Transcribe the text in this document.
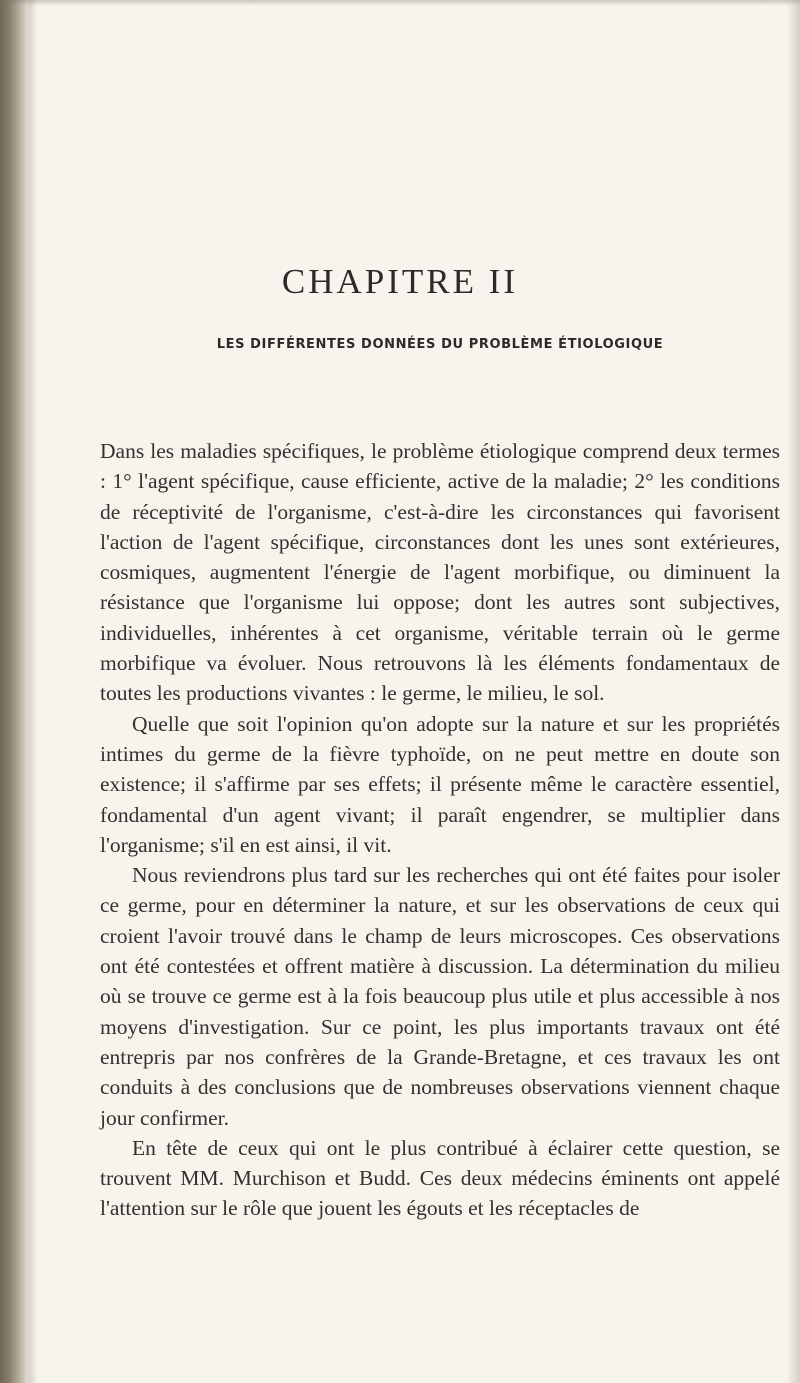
CHAPITRE II
LES DIFFÉRENTES DONNÉES DU PROBLÈME ÉTIOLOGIQUE

Dans les maladies spécifiques, le problème étiologique comprend deux termes : 1° l'agent spécifique, cause efficiente, active de la maladie; 2° les conditions de réceptivité de l'organisme, c'est-à-dire les circonstances qui favorisent l'action de l'agent spécifique, circonstances dont les unes sont extérieures, cosmiques, augmentent l'énergie de l'agent morbifique, ou diminuent la résistance que l'organisme lui oppose; dont les autres sont subjectives, individuelles, inhérentes à cet organisme, véritable terrain où le germe morbifique va évoluer. Nous retrouvons là les éléments fondamentaux de toutes les productions vivantes : le germe, le milieu, le sol.

Quelle que soit l'opinion qu'on adopte sur la nature et sur les propriétés intimes du germe de la fièvre typhoïde, on ne peut mettre en doute son existence; il s'affirme par ses effets; il présente même le caractère essentiel, fondamental d'un agent vivant; il paraît engendrer, se multiplier dans l'organisme; s'il en est ainsi, il vit.

Nous reviendrons plus tard sur les recherches qui ont été faites pour isoler ce germe, pour en déterminer la nature, et sur les observations de ceux qui croient l'avoir trouvé dans le champ de leurs microscopes. Ces observations ont été contestées et offrent matière à discussion. La détermination du milieu où se trouve ce germe est à la fois beaucoup plus utile et plus accessible à nos moyens d'investigation. Sur ce point, les plus importants travaux ont été entrepris par nos confrères de la Grande-Bretagne, et ces travaux les ont conduits à des conclusions que de nombreuses observations viennent chaque jour confirmer.

En tête de ceux qui ont le plus contribué à éclairer cette question, se trouvent MM. Murchison et Budd. Ces deux médecins éminents ont appelé l'attention sur le rôle que jouent les égouts et les réceptacles de
